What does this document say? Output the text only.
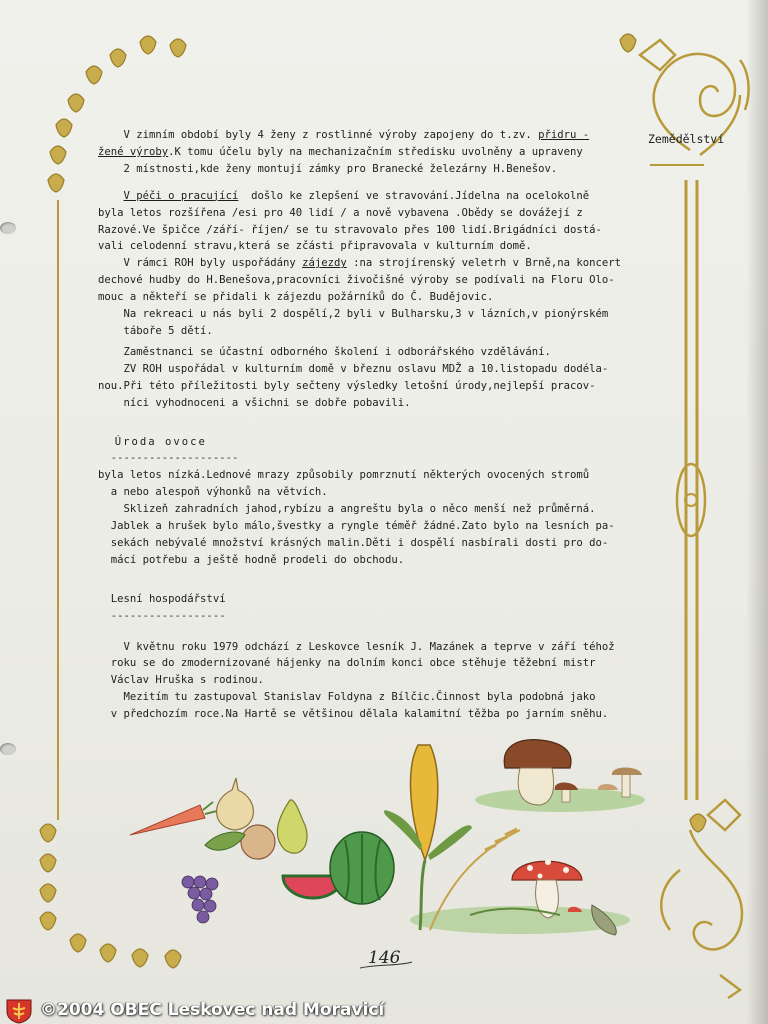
Zemědělství

V zimním období byly 4 ženy z rostlinné výroby zapojeny do t.zv. přidru -

žené výroby.K tomu účelu byly na mechanizačním středisku uvolněny a upraveny

2 místnosti,kde ženy montují zámky pro Branecké železárny H.Benešov.

V péči o pracující  došlo ke zlepšení ve stravování.Jídelna na ocelokolně

byla letos rozšířena /esi pro 40 lidí / a nově vybavena .Obědy se dovážejí z

Razové.Ve špičce /září- říjen/ se tu stravovalo přes 100 lidí.Brigádníci dostá-

vali celodenní stravu,která se zčásti připravovala v kulturním domě.

V rámci ROH byly uspořádány zájezdy :na strojírenský veletrh v Brně,na koncert

dechové hudby do H.Benešova,pracovníci živočišné výroby se podívali na Floru Olo-

mouc a někteří se přidali k zájezdu požárníků do Č. Budějovic.

Na rekreaci u nás byli 2 dospělí,2 byli v Bulharsku,3 v lázních,v pionýrském

táboře 5 dětí.

Zaměstnanci se účastní odborného školení i odborářského vzdělávání.

ZV ROH uspořádal v kulturním domě v březnu oslavu MDŽ a 10.listopadu dodéla-

nou.Při této příležitosti byly sečteny výsledky letošní úrody,nejlepší pracov-

níci vyhodnoceni a všichni se dobře pobavili.

Úroda ovoce

--------------------

byla letos nízká.Lednové mrazy způsobily pomrznutí některých ovocených stromů

a nebo alespoň výhonků na větvích.

Sklizeň zahradních jahod,rybízu a angreštu byla o něco menší než průměrná.

Jablek a hrušek bylo málo,švestky a ryngle téměř žádné.Zato bylo na lesních pa-

sekách nebývalé množství krásných malin.Děti i dospělí nasbírali dosti pro do-

mácí potřebu a ještě hodně prodeli do obchodu.

Lesní hospodářství

------------------

V květnu roku 1979 odchází z Leskovce lesník J. Mazánek a teprve v září téhož

roku se do zmodernizované hájenky na dolním konci obce stěhuje těžební mistr

Václav Hruška s rodinou.

Mezitím tu zastupoval Stanislav Foldyna z Bílčic.Činnost byla podobná jako

v předchozím roce.Na Hartě se většinou dělala kalamitní těžba po jarním sněhu.

146
©2004 OBEC Leskovec nad Moravicí
